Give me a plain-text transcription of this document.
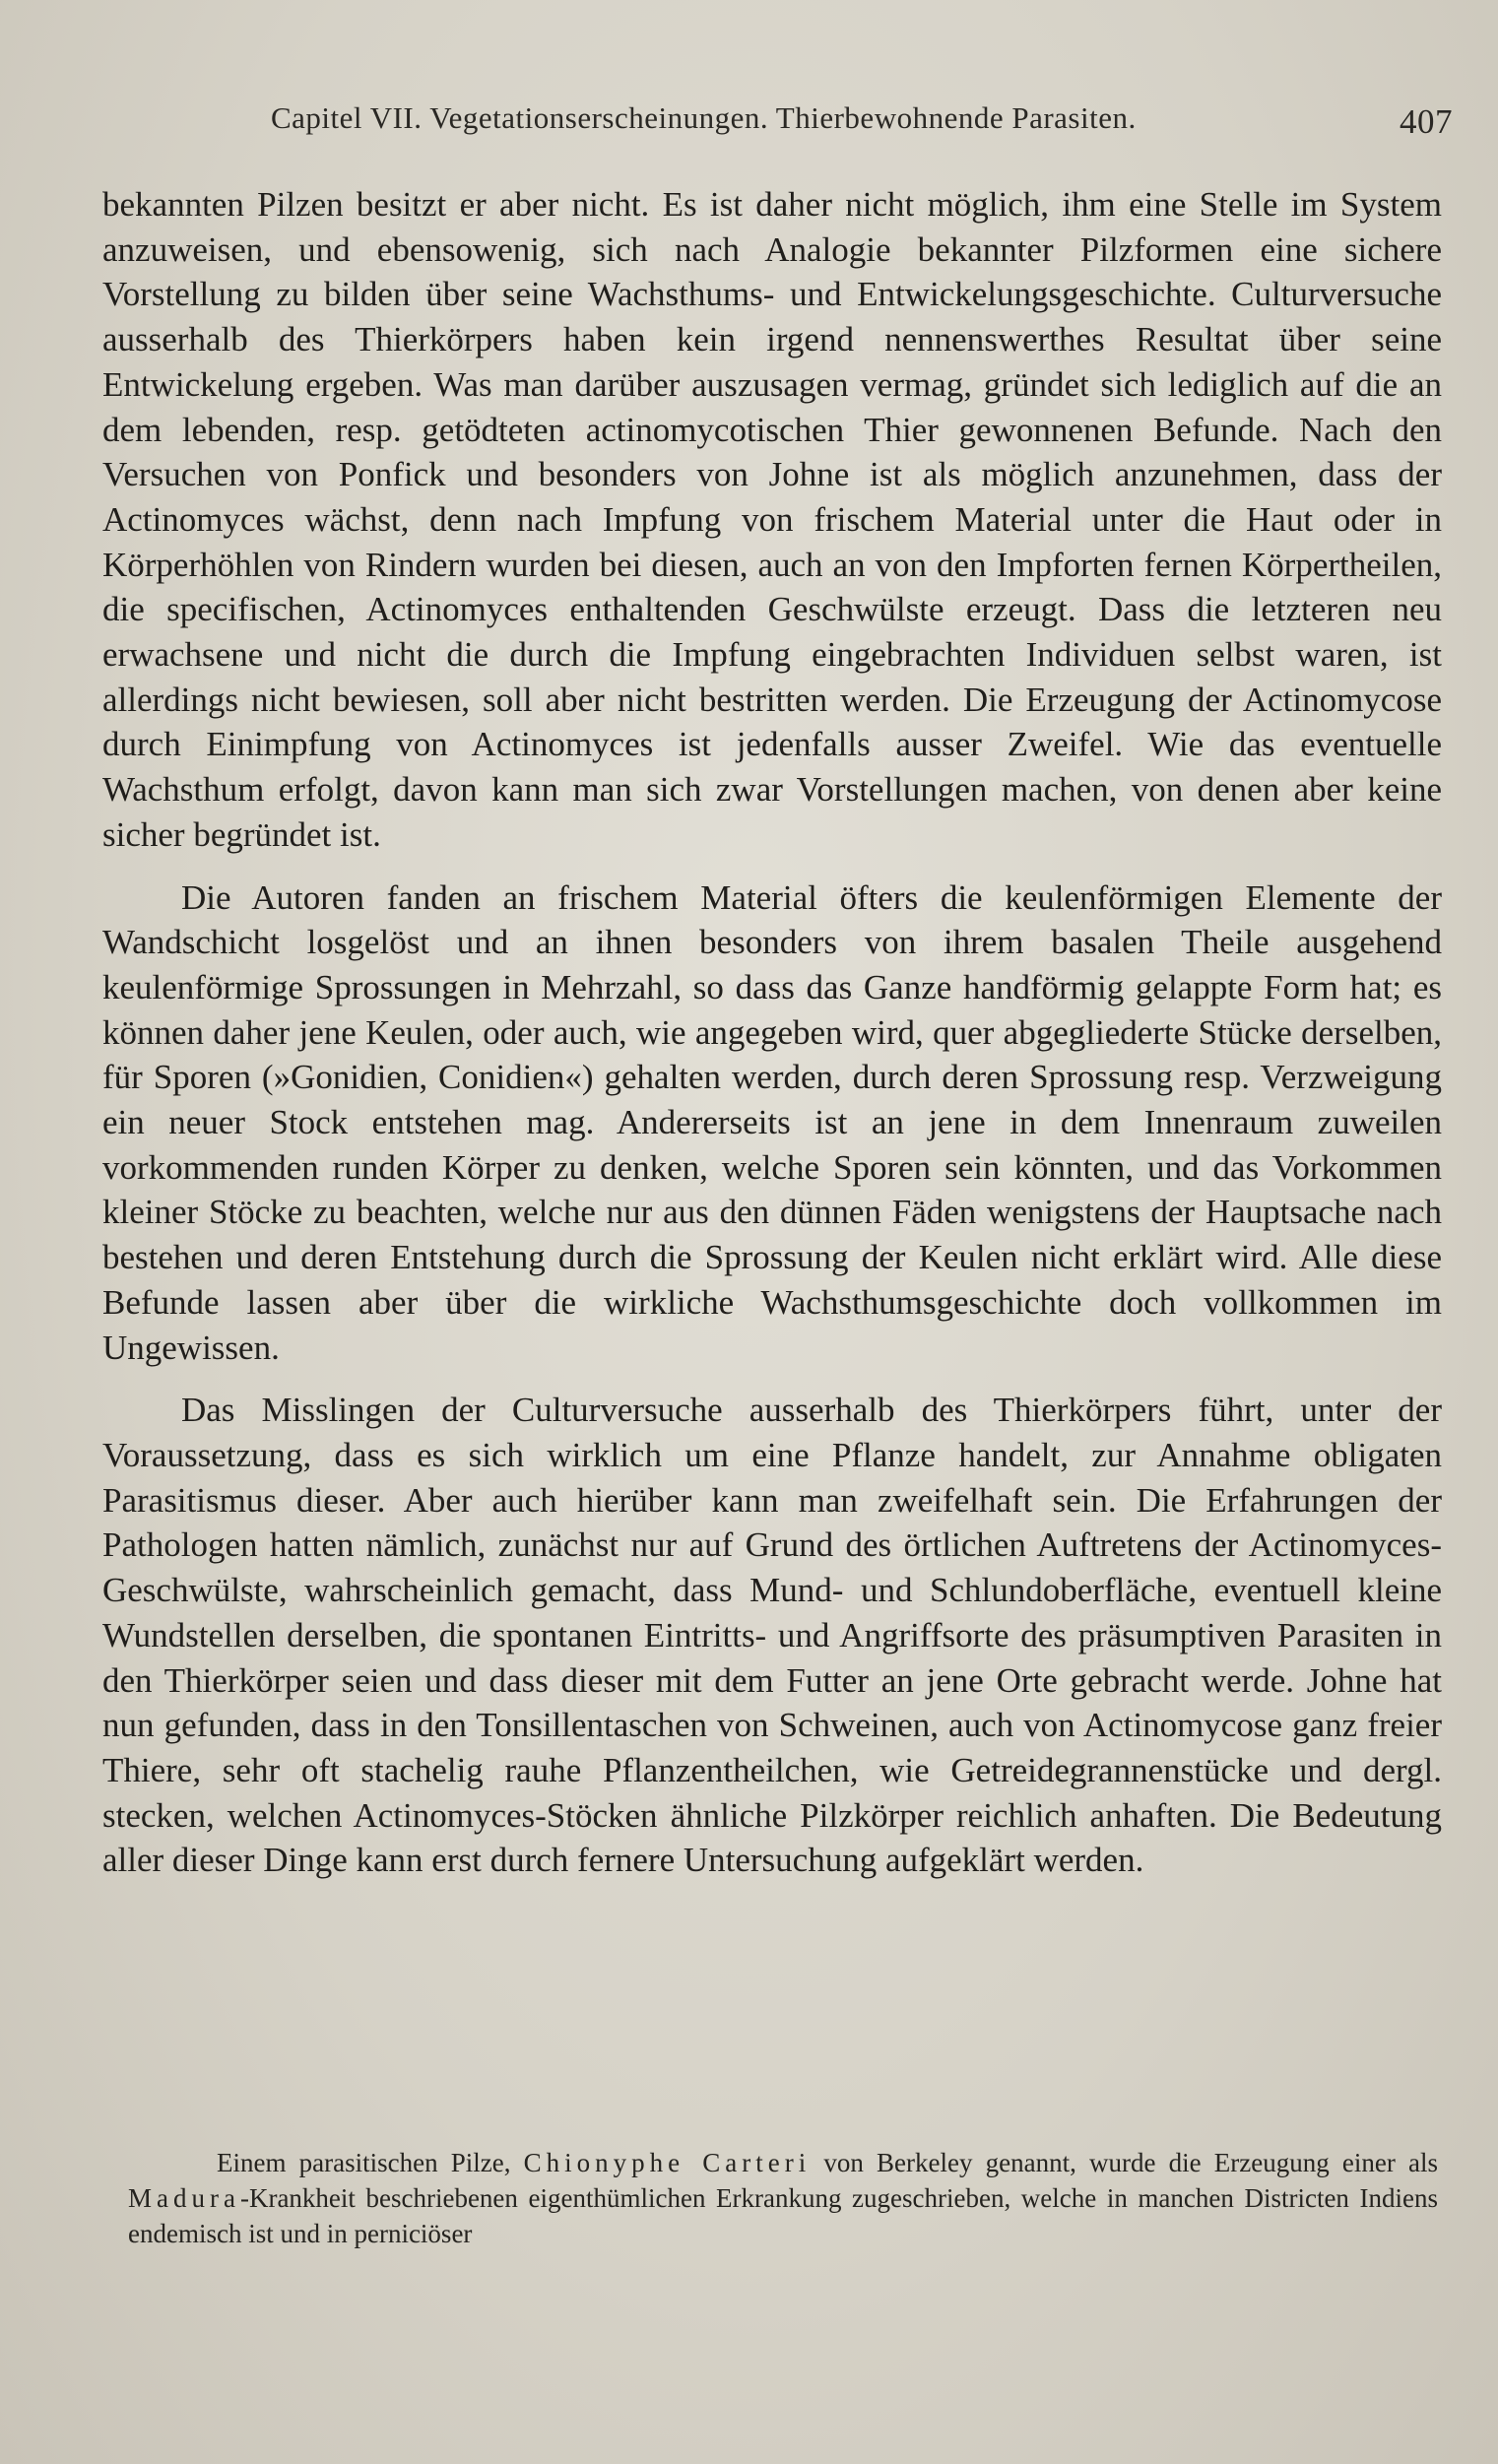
Capitel VII. Vegetationserscheinungen. Thierbewohnende Parasiten.	407

bekannten Pilzen besitzt er aber nicht. Es ist daher nicht möglich, ihm eine Stelle im System anzuweisen, und ebensowenig, sich nach Analogie bekannter Pilzformen eine sichere Vorstellung zu bilden über seine Wachsthums- und Entwickelungsgeschichte. Culturversuche ausserhalb des Thierkörpers haben kein irgend nennenswerthes Resultat über seine Entwickelung ergeben. Was man darüber auszusagen vermag, gründet sich lediglich auf die an dem lebenden, resp. getödteten actinomycotischen Thier gewonnenen Befunde. Nach den Versuchen von Ponfick und besonders von Johne ist als möglich anzunehmen, dass der Actinomyces wächst, denn nach Impfung von frischem Material unter die Haut oder in Körperhöhlen von Rindern wurden bei diesen, auch an von den Impforten fernen Körpertheilen, die specifischen, Actinomyces enthaltenden Geschwülste erzeugt. Dass die letzteren neu erwachsene und nicht die durch die Impfung eingebrachten Individuen selbst waren, ist allerdings nicht bewiesen, soll aber nicht bestritten werden. Die Erzeugung der Actinomycose durch Einimpfung von Actinomyces ist jedenfalls ausser Zweifel. Wie das eventuelle Wachsthum erfolgt, davon kann man sich zwar Vorstellungen machen, von denen aber keine sicher begründet ist.

Die Autoren fanden an frischem Material öfters die keulenförmigen Elemente der Wandschicht losgelöst und an ihnen besonders von ihrem basalen Theile ausgehend keulenförmige Sprossungen in Mehrzahl, so dass das Ganze handförmig gelappte Form hat; es können daher jene Keulen, oder auch, wie angegeben wird, quer abgegliederte Stücke derselben, für Sporen (»Gonidien, Conidien«) gehalten werden, durch deren Sprossung resp. Verzweigung ein neuer Stock entstehen mag. Andererseits ist an jene in dem Innenraum zuweilen vorkommenden runden Körper zu denken, welche Sporen sein könnten, und das Vorkommen kleiner Stöcke zu beachten, welche nur aus den dünnen Fäden wenigstens der Hauptsache nach bestehen und deren Entstehung durch die Sprossung der Keulen nicht erklärt wird. Alle diese Befunde lassen aber über die wirkliche Wachsthumsgeschichte doch vollkommen im Ungewissen.

Das Misslingen der Culturversuche ausserhalb des Thierkörpers führt, unter der Voraussetzung, dass es sich wirklich um eine Pflanze handelt, zur Annahme obligaten Parasitismus dieser. Aber auch hierüber kann man zweifelhaft sein. Die Erfahrungen der Pathologen hatten nämlich, zunächst nur auf Grund des örtlichen Auftretens der Actinomyces-Geschwülste, wahrscheinlich gemacht, dass Mund- und Schlundoberfläche, eventuell kleine Wundstellen derselben, die spontanen Eintritts- und Angriffsorte des präsumptiven Parasiten in den Thierkörper seien und dass dieser mit dem Futter an jene Orte gebracht werde. Johne hat nun gefunden, dass in den Tonsillentaschen von Schweinen, auch von Actinomycose ganz freier Thiere, sehr oft stachelig rauhe Pflanzentheilchen, wie Getreidegrannenstücke und dergl. stecken, welchen Actinomyces-Stöcken ähnliche Pilzkörper reichlich anhaften. Die Bedeutung aller dieser Dinge kann erst durch fernere Untersuchung aufgeklärt werden.

Einem parasitischen Pilze, Chionyphe Carteri von Berkeley genannt, wurde die Erzeugung einer als Madura-Krankheit beschriebenen eigenthümlichen Erkrankung zugeschrieben, welche in manchen Districten Indiens endemisch ist und in perniciöser
